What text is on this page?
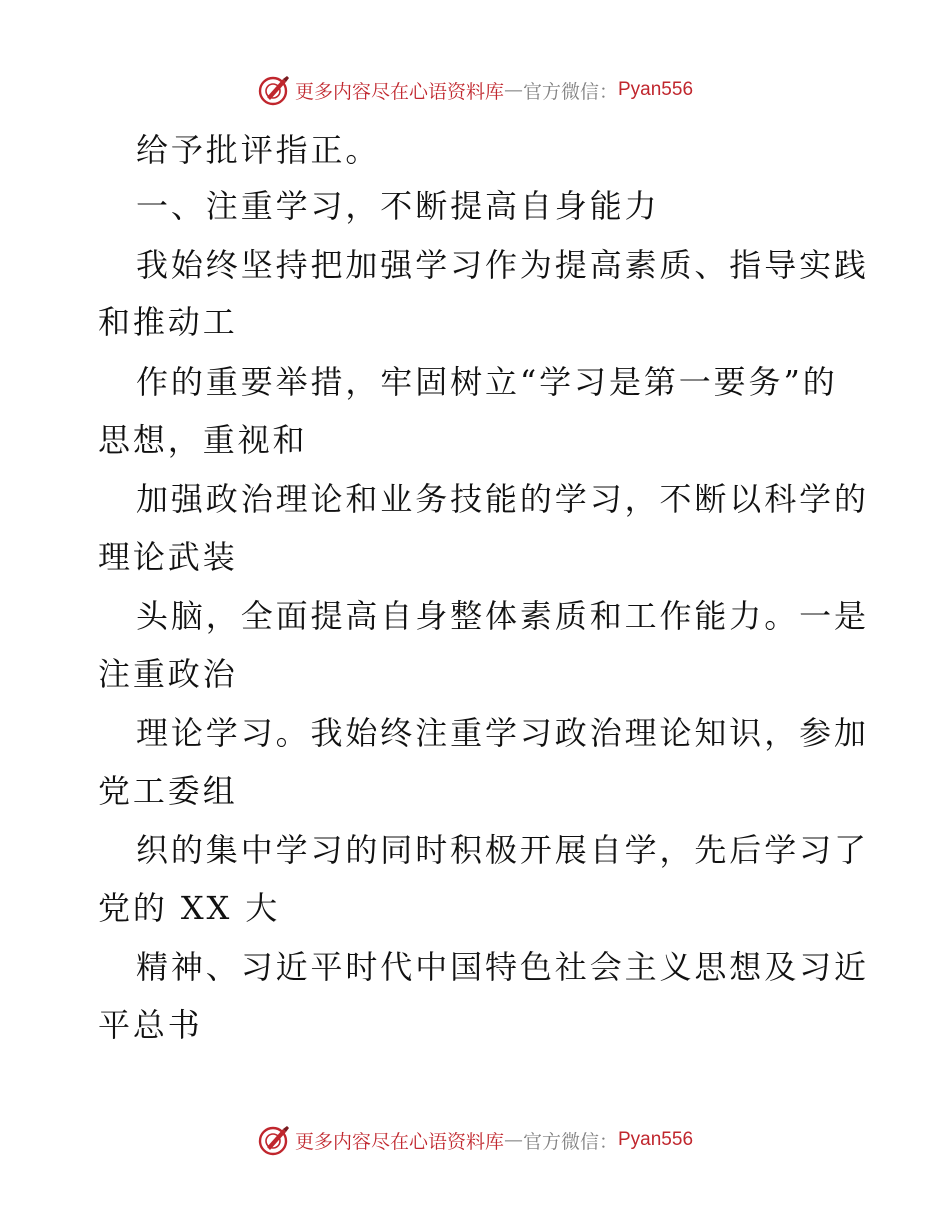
更多内容尽在心语资料库 — 官方微信： Pyan556
给予批评指正。
一、注重学习，不断提高自身能力
我始终坚持把加强学习作为提高素质、指导实践
和推动工
作的重要举措，牢固树立“学习是第一要务”的
思想，重视和
加强政治理论和业务技能的学习，不断以科学的
理论武装
头脑，全面提高自身整体素质和工作能力。一是
注重政治
理论学习。我始终注重学习政治理论知识，参加
党工委组
织的集中学习的同时积极开展自学，先后学习了
党的 XX 大
精神、习近平时代中国特色社会主义思想及习近
平总书
更多内容尽在心语资料库 — 官方微信： Pyan556
